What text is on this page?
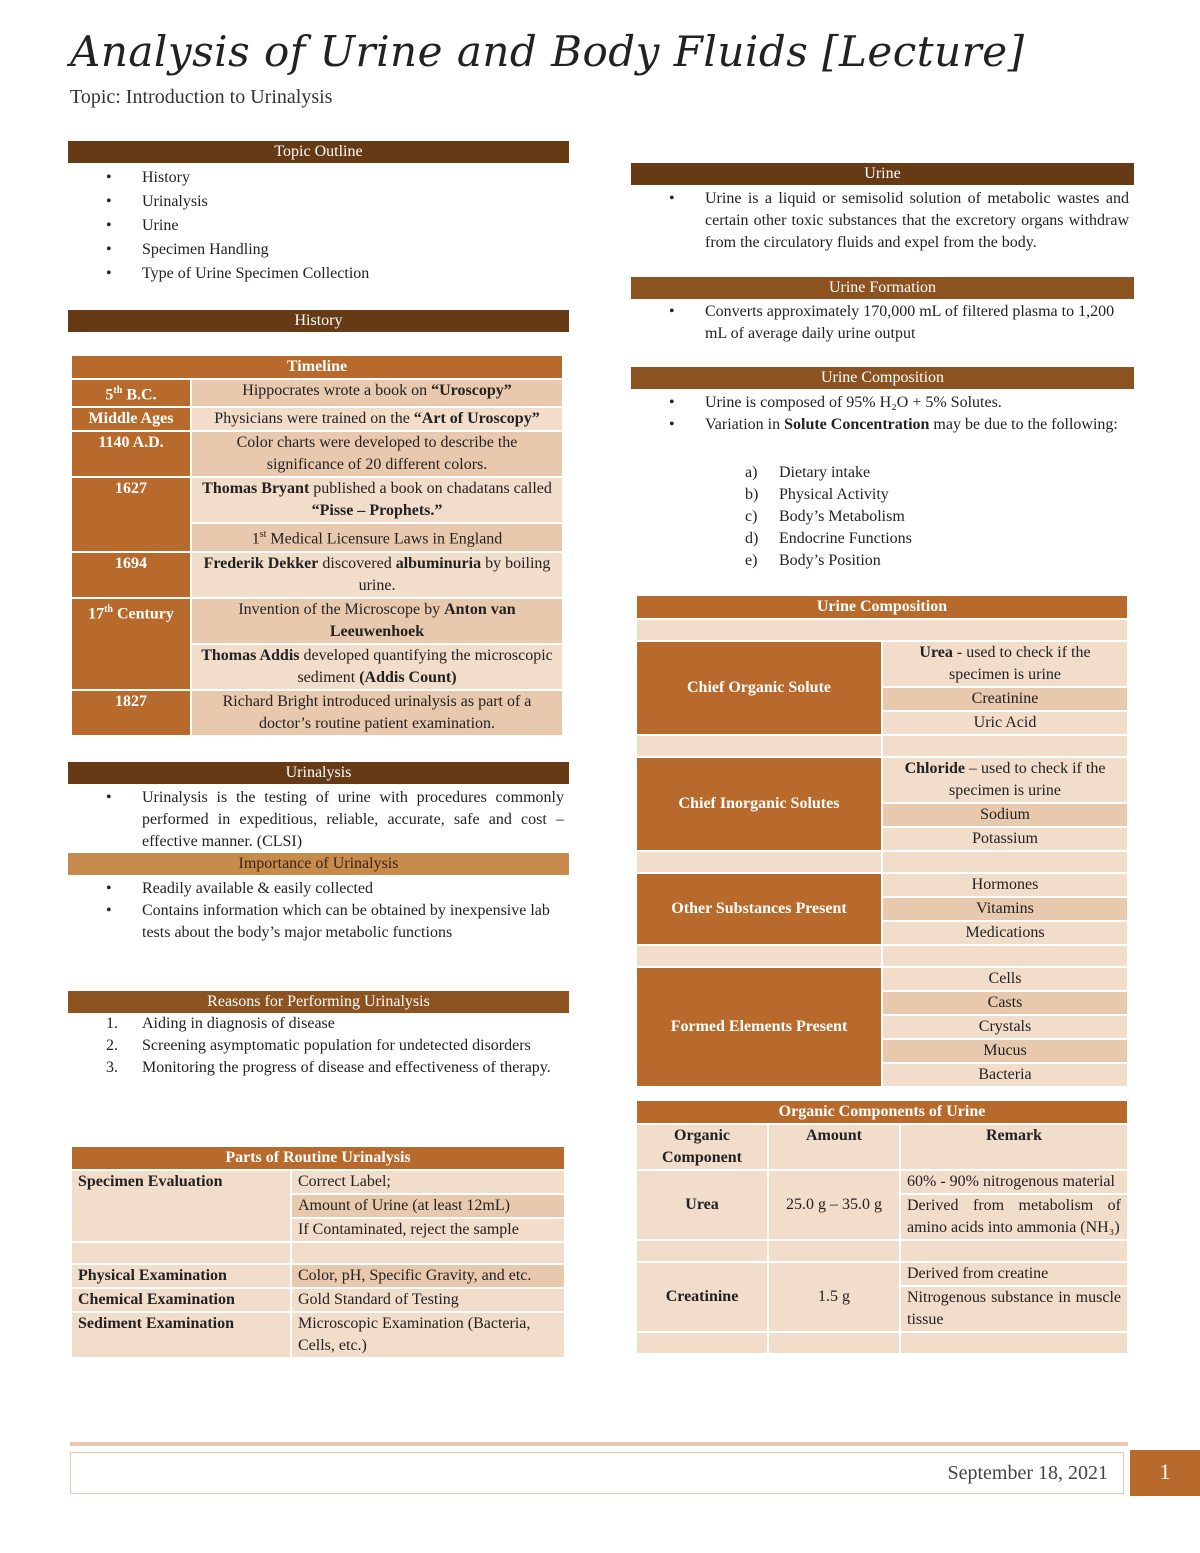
Analysis of Urine and Body Fluids [Lecture]
Topic: Introduction to Urinalysis
Topic Outline
• History
• Urinalysis
• Urine
• Specimen Handling
• Type of Urine Specimen Collection
History
Timeline	
5th B.C.	Hippocrates wrote a book on “Uroscopy”
Middle Ages	Physicians were trained on the “Art of Uroscopy”
1140 A.D.	Color charts were developed to describe the significance of 20 different colors.
1627	Thomas Bryant published a book on chadatans called “Pisse – Prophets.”
	1st Medical Licensure Laws in England
1694	Frederik Dekker discovered albuminuria by boiling urine.
17th Century	Invention of the Microscope by Anton van Leeuwenhoek
	Thomas Addis developed quantifying the microscopic sediment (Addis Count)
1827	Richard Bright introduced urinalysis as part of a doctor’s routine patient examination.
Urinalysis
• Urinalysis is the testing of urine with procedures commonly performed in expeditious, reliable, accurate, safe and cost – effective manner. (CLSI)
Importance of Urinalysis
• Readily available & easily collected
• Contains information which can be obtained by inexpensive lab tests about the body’s major metabolic functions
Reasons for Performing Urinalysis
1. Aiding in diagnosis of disease
2. Screening asymptomatic population for undetected disorders
3. Monitoring the progress of disease and effectiveness of therapy.
Parts of Routine Urinalysis	
Specimen Evaluation	Correct Label;
	Amount of Urine (at least 12mL)
	If Contaminated, reject the sample

Physical Examination	Color, pH, Specific Gravity, and etc.
Chemical Examination	Gold Standard of Testing
Sediment Examination	Microscopic Examination (Bacteria, Cells, etc.)
Urine
• Urine is a liquid or semisolid solution of metabolic wastes and certain other toxic substances that the excretory organs withdraw from the circulatory fluids and expel from the body.
Urine Formation
• Converts approximately 170,000 mL of filtered plasma to 1,200 mL of average daily urine output
Urine Composition
• Urine is composed of 95% H₂O + 5% Solutes.
• Variation in Solute Concentration may be due to the following:
a) Dietary intake
b) Physical Activity
c) Body’s Metabolism
d) Endocrine Functions
e) Body’s Position
Urine Composition	

Chief Organic Solute	Urea - used to check if the specimen is urine
	Creatinine
	Uric Acid

Chief Inorganic Solutes	Chloride – used to check if the specimen is urine
	Sodium
	Potassium

Other Substances Present	Hormones
	Vitamins
	Medications

Formed Elements Present	Cells
	Casts
	Crystals
	Mucus
	Bacteria
Organic Components of Urine		
Organic Component	Amount	Remark
Urea	25.0 g – 35.0 g	60% - 90% nitrogenous material
		Derived from metabolism of amino acids into ammonia (NH₃)

Creatinine	1.5 g	Derived from creatine
		Nitrogenous substance in muscle tissue

September 18, 2021	1
